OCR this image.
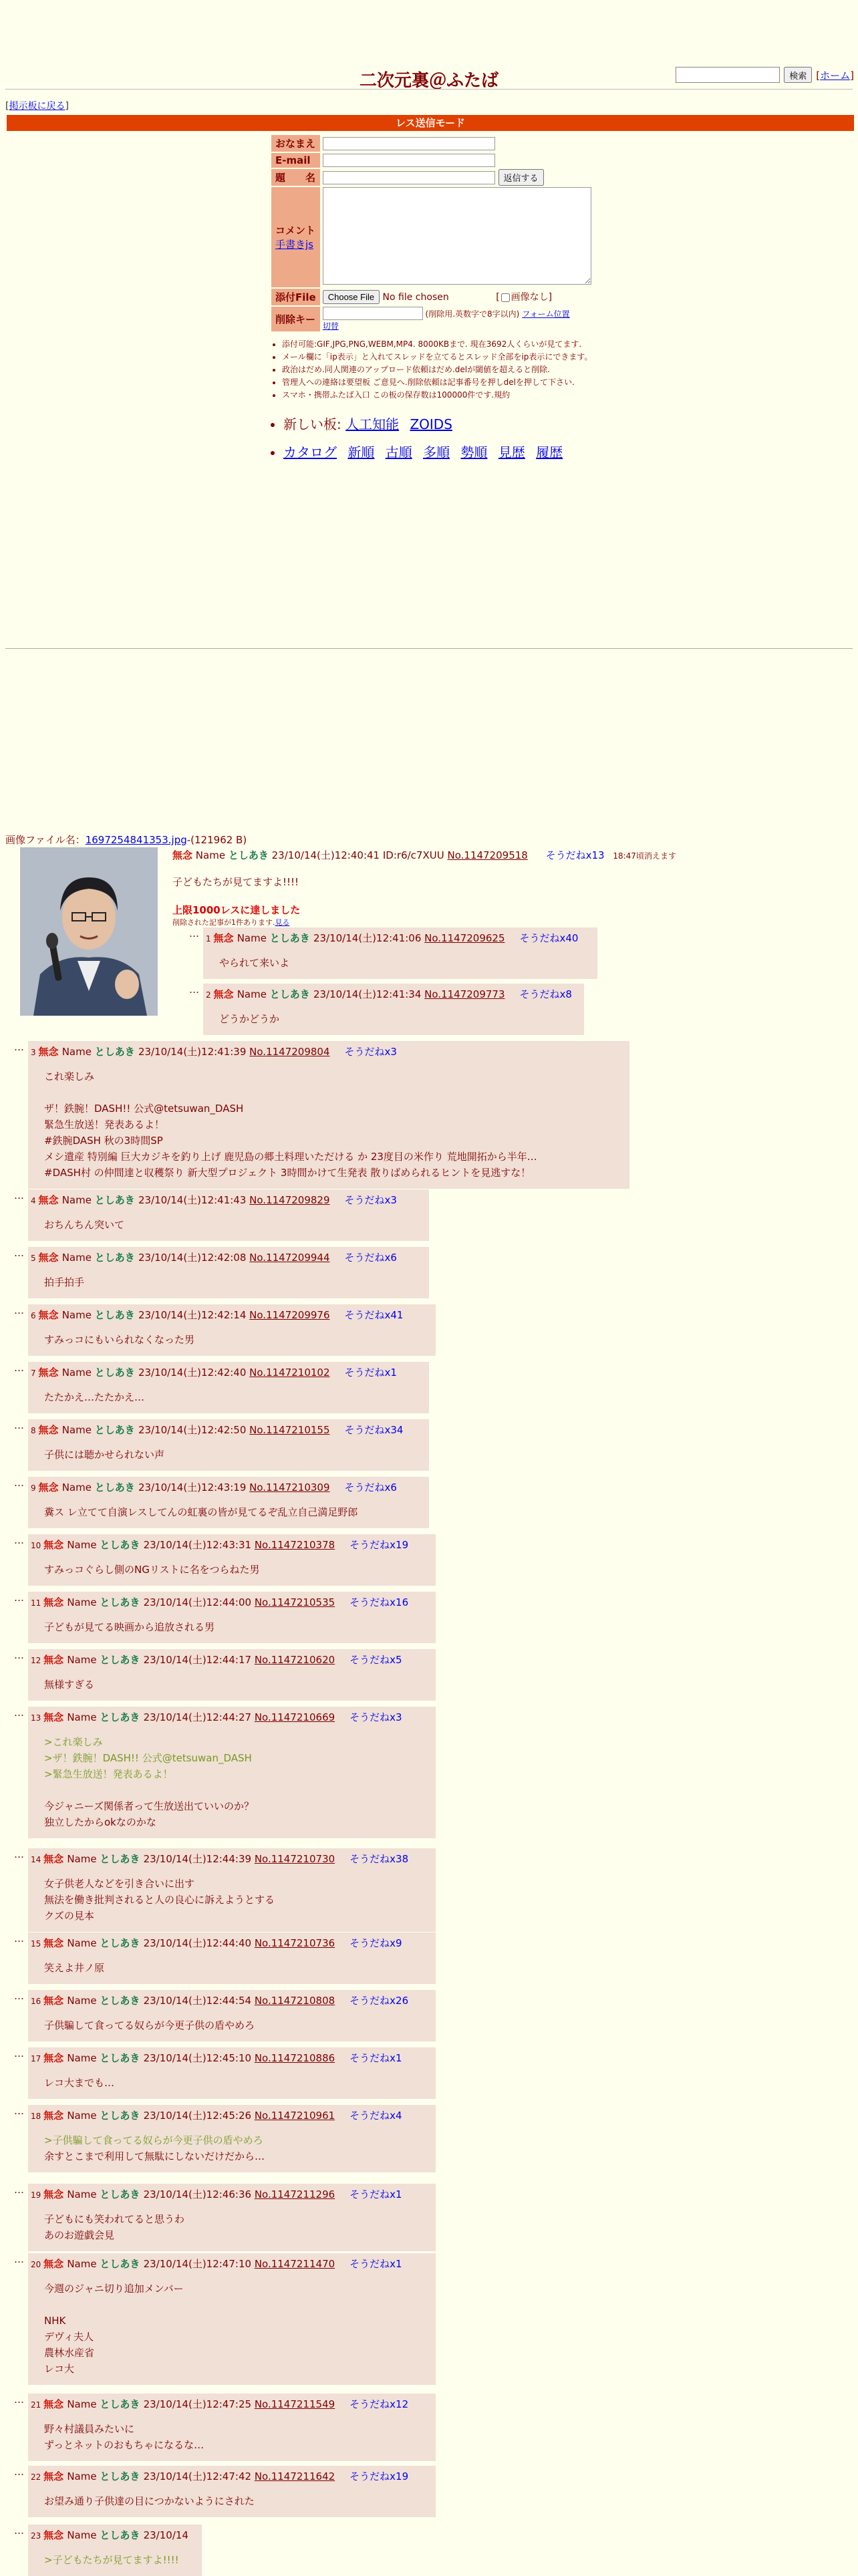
二次元裏＠ふたば	検索 [ホーム]
[掲示板に戻る]
レス送信モード
おなまえ	
E-mail	
題　　名	返信する

コメント
手書きjs	
添付File	Choose File No file chosen [ 画像なし]
削除キー	(削除用.英数字で8字以内) フォーム位置
切替
• 添付可能:GIF,JPG,PNG,WEBM,MP4. 8000KBまで. 現在3692人くらいが見てます.
• メール欄に「ip表示」と入れてスレッドを立てるとスレッド全部をip表示にできます。
• 政治はだめ.同人関連のアップロード依頼はだめ.delが閾値を超えると削除.
• 管理人への連絡は要望板 ご意見へ.削除依頼は記事番号を押しdelを押して下さい.
• スマホ・携帯ふたば入口 この板の保存数は100000件です.規約
• 新しい板: 人工知能 ZOIDS
• カタログ 新順 古順 多順 勢順 見歴 履歴
画像ファイル名：1697254841353.jpg-(121962 B)
無念 Name としあき 23/10/14(土)12:40:41 ID:r6/c7XUU No.1147209518 そうだねx13 18:47頃消えます
子どもたちが見てますよ!!!!
上限1000レスに達しました
削除された記事が1件あります.見る
… 1 無念 Name としあき 23/10/14(土)12:41:06 No.1147209625 そうだねx40
やられて来いよ
… 2 無念 Name としあき 23/10/14(土)12:41:34 No.1147209773 そうだねx8
どうかどうか
… 3 無念 Name としあき 23/10/14(土)12:41:39 No.1147209804 そうだねx3
これ楽しみ

ザ！鉄腕！DASH!! 公式@tetsuwan_DASH
緊急生放送！発表あるよ！
#鉄腕DASH 秋の3時間SP
メシ遺産 特別編 巨大カジキを釣り上げ 鹿児島の郷土料理いただける か 23度目の米作り 荒地開拓から半年…
#DASH村 の仲間達と収穫祭り 新大型プロジェクト 3時間かけて生発表 散りばめられるヒントを見逃すな！
… 4 無念 Name としあき 23/10/14(土)12:41:43 No.1147209829 そうだねx3
おちんちん突いて
… 5 無念 Name としあき 23/10/14(土)12:42:08 No.1147209944 そうだねx6
拍手拍手
… 6 無念 Name としあき 23/10/14(土)12:42:14 No.1147209976 そうだねx41
すみっコにもいられなくなった男
… 7 無念 Name としあき 23/10/14(土)12:42:40 No.1147210102 そうだねx1
たたかえ…たたかえ…
… 8 無念 Name としあき 23/10/14(土)12:42:50 No.1147210155 そうだねx34
子供には聴かせられない声
… 9 無念 Name としあき 23/10/14(土)12:43:19 No.1147210309 そうだねx6
糞ス レ立てて自演レスしてんの虹裏の皆が見てるぞ乱立自己満足野郎
… 10 無念 Name としあき 23/10/14(土)12:43:31 No.1147210378 そうだねx19
すみっコぐらし側のNGリストに名をつらねた男
… 11 無念 Name としあき 23/10/14(土)12:44:00 No.1147210535 そうだねx16
子どもが見てる映画から追放される男
… 12 無念 Name としあき 23/10/14(土)12:44:17 No.1147210620 そうだねx5
無様すぎる
… 13 無念 Name としあき 23/10/14(土)12:44:27 No.1147210669 そうだねx3
>これ楽しみ
>ザ！鉄腕！DASH!! 公式@tetsuwan_DASH
>緊急生放送！発表あるよ！

今ジャニーズ関係者って生放送出ていいのか？
独立したからokなのかな
… 14 無念 Name としあき 23/10/14(土)12:44:39 No.1147210730 そうだねx38
女子供老人などを引き合いに出す
無法を働き批判されると人の良心に訴えようとする
クズの見本
… 15 無念 Name としあき 23/10/14(土)12:44:40 No.1147210736 そうだねx9
笑えよ井ノ原
… 16 無念 Name としあき 23/10/14(土)12:44:54 No.1147210808 そうだねx26
子供騙して食ってる奴らが今更子供の盾やめろ
… 17 無念 Name としあき 23/10/14(土)12:45:10 No.1147210886 そうだねx1
レコ大までも…
… 18 無念 Name としあき 23/10/14(土)12:45:26 No.1147210961 そうだねx4
>子供騙して食ってる奴らが今更子供の盾やめろ
余すとこまで利用して無駄にしないだけだから…
… 19 無念 Name としあき 23/10/14(土)12:46:36 No.1147211296 そうだねx1
子どもにも笑われてると思うわ
あのお遊戯会見
… 20 無念 Name としあき 23/10/14(土)12:47:10 No.1147211470 そうだねx1
今週のジャニ切り追加メンバー

NHK
デヴィ夫人
農林水産省
レコ大
… 21 無念 Name としあき 23/10/14(土)12:47:25 No.1147211549 そうだねx12
野々村議員みたいに
ずっとネットのおもちゃになるな…
… 22 無念 Name としあき 23/10/14(土)12:47:42 No.1147211642 そうだねx19
お望み通り子供達の目につかないようにされた
… 23 無念 Name としあき 23/10/14
>子どもたちが見てますよ!!!!
